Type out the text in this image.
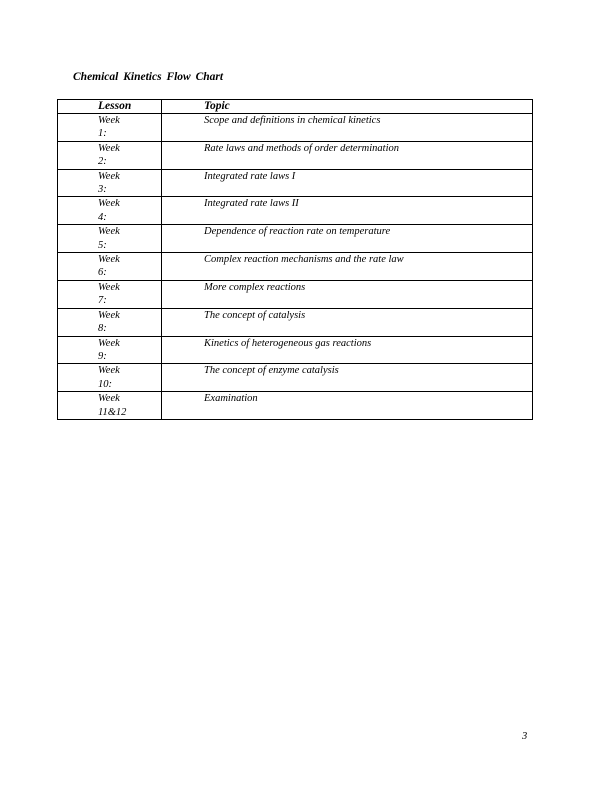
Chemical Kinetics Flow Chart
Lesson	Topic
Week 1:	Scope and definitions in chemical kinetics
Week 2:	Rate laws and methods of order determination
Week 3:	Integrated rate laws I
Week 4:	Integrated rate laws II
Week 5:	Dependence of reaction rate on temperature
Week 6:	Complex reaction mechanisms and the rate law
Week 7:	More complex reactions
Week 8:	The concept of catalysis
Week 9:	Kinetics of heterogeneous gas reactions
Week 10:	The concept of enzyme catalysis
Week 11&12	Examination
3
